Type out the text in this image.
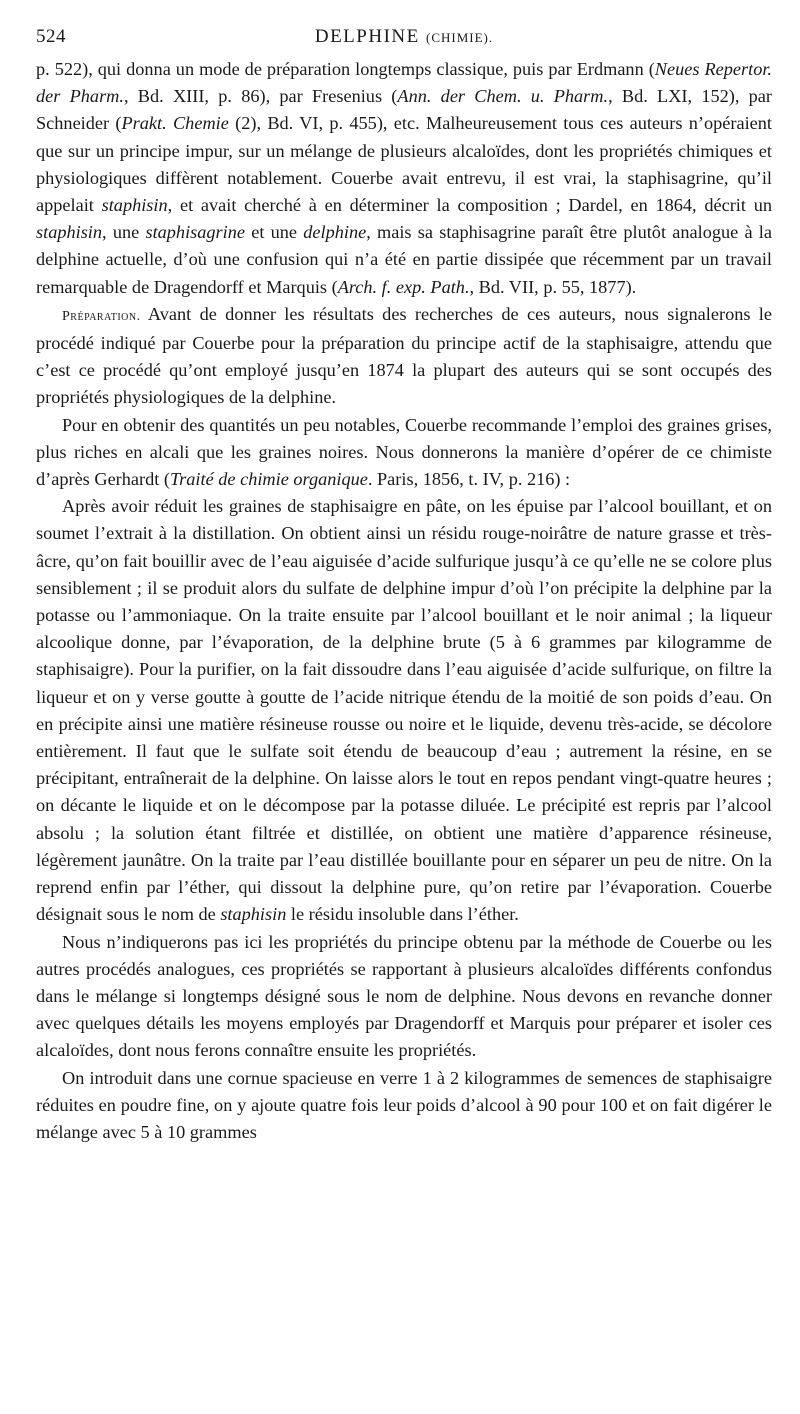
524	DELPHINE (CHIMIE).

p. 522), qui donna un mode de préparation longtemps classique, puis par Erdmann (Neues Repertor. der Pharm., Bd. XIII, p. 86), par Fresenius (Ann. der Chem. u. Pharm., Bd. LXI, 152), par Schneider (Prakt. Chemie (2), Bd. VI, p. 455), etc. Malheureusement tous ces auteurs n’opéraient que sur un principe impur, sur un mélange de plusieurs alcaloïdes, dont les propriétés chimiques et physiologiques diffèrent notablement. Couerbe avait entrevu, il est vrai, la staphisagrine, qu’il appelait staphisin, et avait cherché à en déterminer la composition ; Dardel, en 1864, décrit un staphisin, une staphisagrine et une delphine, mais sa staphisagrine paraît être plutôt analogue à la delphine actuelle, d’où une confusion qui n’a été en partie dissipée que récemment par un travail remarquable de Dragendorff et Marquis (Arch. f. exp. Path., Bd. VII, p. 55, 1877).

Préparation. Avant de donner les résultats des recherches de ces auteurs, nous signalerons le procédé indiqué par Couerbe pour la préparation du principe actif de la staphisaigre, attendu que c’est ce procédé qu’ont employé jusqu’en 1874 la plupart des auteurs qui se sont occupés des propriétés physiologiques de la delphine.

Pour en obtenir des quantités un peu notables, Couerbe recommande l’emploi des graines grises, plus riches en alcali que les graines noires. Nous donnerons la manière d’opérer de ce chimiste d’après Gerhardt (Traité de chimie organique. Paris, 1856, t. IV, p. 216) :

Après avoir réduit les graines de staphisaigre en pâte, on les épuise par l’alcool bouillant, et on soumet l’extrait à la distillation. On obtient ainsi un résidu rouge-noirâtre de nature grasse et très-âcre, qu’on fait bouillir avec de l’eau aiguisée d’acide sulfurique jusqu’à ce qu’elle ne se colore plus sensiblement ; il se produit alors du sulfate de delphine impur d’où l’on précipite la delphine par la potasse ou l’ammoniaque. On la traite ensuite par l’alcool bouillant et le noir animal ; la liqueur alcoolique donne, par l’évaporation, de la delphine brute (5 à 6 grammes par kilogramme de staphisaigre). Pour la purifier, on la fait dissoudre dans l’eau aiguisée d’acide sulfurique, on filtre la liqueur et on y verse goutte à goutte de l’acide nitrique étendu de la moitié de son poids d’eau. On en précipite ainsi une matière résineuse rousse ou noire et le liquide, devenu très-acide, se décolore entièrement. Il faut que le sulfate soit étendu de beaucoup d’eau ; autrement la résine, en se précipitant, entraînerait de la delphine. On laisse alors le tout en repos pendant vingt-quatre heures ; on décante le liquide et on le décompose par la potasse diluée. Le précipité est repris par l’alcool absolu ; la solution étant filtrée et distillée, on obtient une matière d’apparence résineuse, légèrement jaunâtre. On la traite par l’eau distillée bouillante pour en séparer un peu de nitre. On la reprend enfin par l’éther, qui dissout la delphine pure, qu’on retire par l’évaporation. Couerbe désignait sous le nom de staphisin le résidu insoluble dans l’éther.

Nous n’indiquerons pas ici les propriétés du principe obtenu par la méthode de Couerbe ou les autres procédés analogues, ces propriétés se rapportant à plusieurs alcaloïdes différents confondus dans le mélange si longtemps désigné sous le nom de delphine. Nous devons en revanche donner avec quelques détails les moyens employés par Dragendorff et Marquis pour préparer et isoler ces alcaloïdes, dont nous ferons connaître ensuite les propriétés.

On introduit dans une cornue spacieuse en verre 1 à 2 kilogrammes de semences de staphisaigre réduites en poudre fine, on y ajoute quatre fois leur poids d’alcool à 90 pour 100 et on fait digérer le mélange avec 5 à 10 grammes
